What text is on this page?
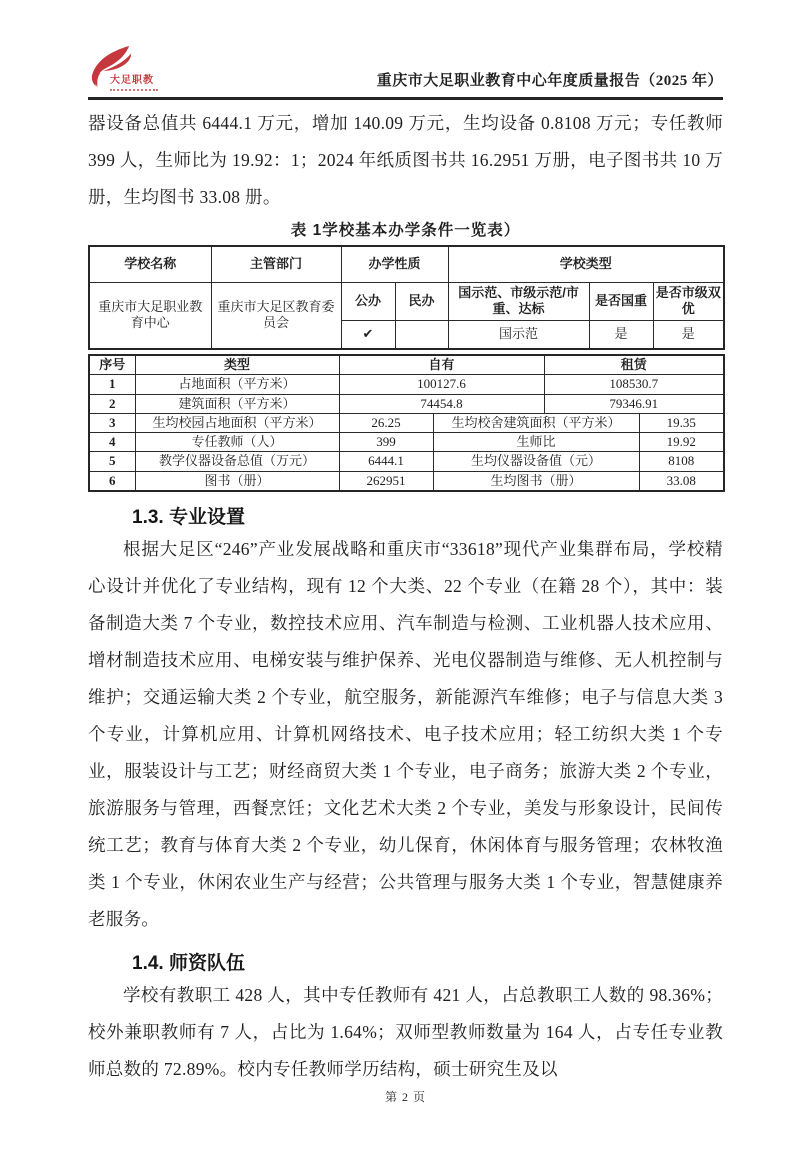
大足职教	重庆市大足职业教育中心年度质量报告（2025 年）

器设备总值共 6444.1 万元，增加 140.09 万元，生均设备 0.8108 万元；专任教师 399 人，生师比为 19.92：1；2024 年纸质图书共 16.2951 万册，电子图书共 10 万册，生均图书 33.08 册。

表 1学校基本办学条件一览表）
学校名称	主管部门	办学性质		学校类型		
重庆市大足职业教育中心	重庆市大足区教育委员会	公办	民办	国示范、市级示范/市重、达标	是否国重	是否市级双优
		✔		国示范	是	是
序号	类型	自有		租赁	
1	占地面积（平方米）	100127.6		108530.7	
2	建筑面积（平方米）	74454.8		79346.91	
3	生均校园占地面积（平方米）	26.25	生均校舍建筑面积（平方米）		19.35
4	专任教师（人）	399	生师比		19.92
5	教学仪器设备总值（万元）	6444.1	生均仪器设备值（元）		8108
6	图书（册）	262951	生均图书（册）		33.08
1.3. 专业设置

根据大足区“246”产业发展战略和重庆市“33618”现代产业集群布局，学校精心设计并优化了专业结构，现有 12 个大类、22 个专业（在籍 28 个），其中：装备制造大类 7 个专业，数控技术应用、汽车制造与检测、工业机器人技术应用、增材制造技术应用、电梯安装与维护保养、光电仪器制造与维修、无人机控制与维护；交通运输大类 2 个专业，航空服务，新能源汽车维修；电子与信息大类 3 个专业，计算机应用、计算机网络技术、电子技术应用；轻工纺织大类 1 个专业，服装设计与工艺；财经商贸大类 1 个专业，电子商务；旅游大类 2 个专业，旅游服务与管理，西餐烹饪；文化艺术大类 2 个专业，美发与形象设计，民间传统工艺；教育与体育大类 2 个专业，幼儿保育，休闲体育与服务管理；农林牧渔类 1 个专业，休闲农业生产与经营；公共管理与服务大类 1 个专业，智慧健康养老服务。

1.4. 师资队伍

学校有教职工 428 人，其中专任教师有 421 人，占总教职工人数的 98.36%；校外兼职教师有 7 人，占比为 1.64%；双师型教师数量为 164 人，占专任专业教师总数的 72.89%。校内专任教师学历结构，硕士研究生及以

第 2 页
